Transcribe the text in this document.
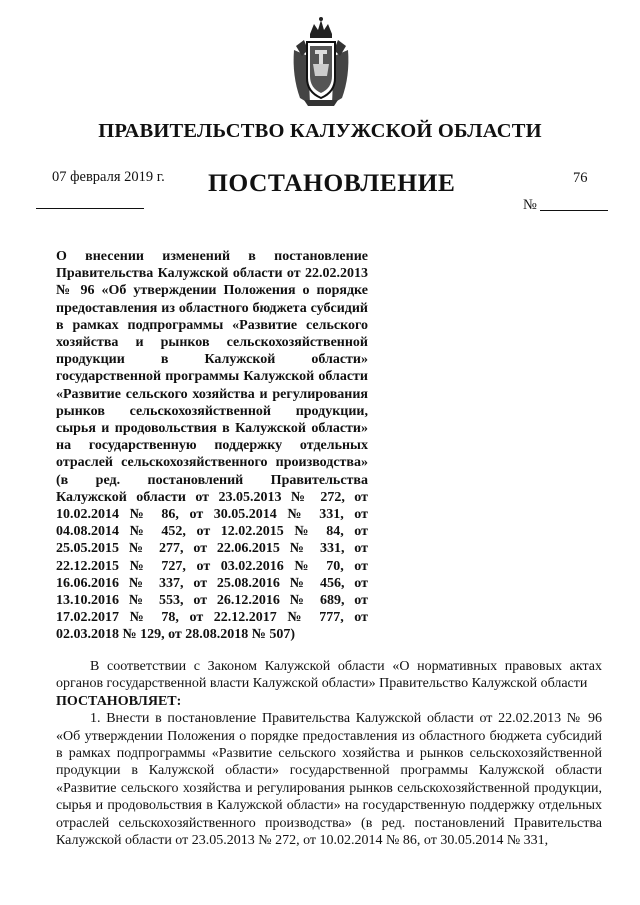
ПРАВИТЕЛЬСТВО КАЛУЖСКОЙ ОБЛАСТИ
07 февраля 2019 г. ПОСТАНОВЛЕНИЕ	76
№

О внесении изменений в постановление Правительства Калужской области от 22.02.2013 № 96 «Об утверждении Положения о порядке предоставления из областного бюджета субсидий в рамках подпрограммы «Развитие сельского хозяйства и рынков сельскохозяйственной продукции в Калужской области» государственной программы Калужской области «Развитие сельского хозяйства и регулирования рынков сельскохозяйственной продукции, сырья и продовольствия в Калужской области» на государственную поддержку отдельных отраслей сельскохозяйственного производства» (в ред. постановлений Правительства Калужской области от 23.05.2013 № 272, от 10.02.2014 № 86, от 30.05.2014 № 331, от 04.08.2014 № 452, от 12.02.2015 № 84, от 25.05.2015 № 277, от 22.06.2015 № 331, от 22.12.2015 № 727, от 03.02.2016 № 70, от 16.06.2016 № 337, от 25.08.2016 № 456, от 13.10.2016 № 553, от 26.12.2016 № 689, от 17.02.2017 № 78, от 22.12.2017 № 777, от 02.03.2018 № 129, от 28.08.2018 № 507)

В соответствии с Законом Калужской области «О нормативных правовых актах органов государственной власти Калужской области» Правительство Калужской области

ПОСТАНОВЛЯЕТ:

1. Внести в постановление Правительства Калужской области от 22.02.2013 № 96 «Об утверждении Положения о порядке предоставления из областного бюджета субсидий в рамках подпрограммы «Развитие сельского хозяйства и рынков сельскохозяйственной продукции в Калужской области» государственной программы Калужской области «Развитие сельского хозяйства и регулирования рынков сельскохозяйственной продукции, сырья и продовольствия в Калужской области» на государственную поддержку отдельных отраслей сельскохозяйственного производства» (в ред. постановлений Правительства Калужской области от 23.05.2013 № 272, от 10.02.2014 № 86, от 30.05.2014 № 331,
